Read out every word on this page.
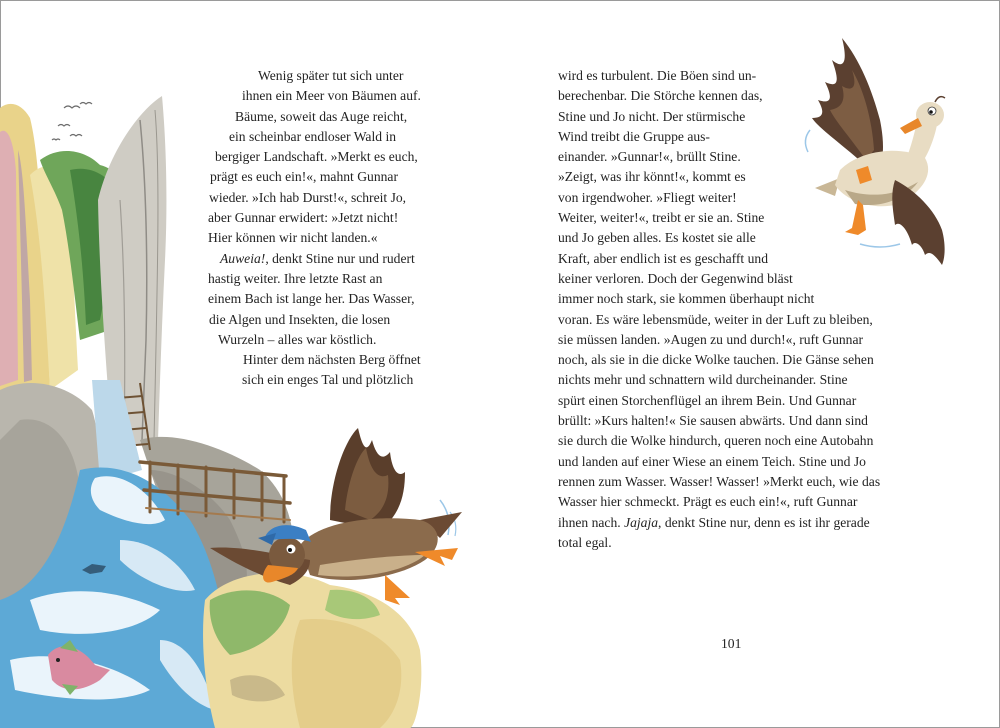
Wenig später tut sich unter
ihnen ein Meer von Bäumen auf.
Bäume, soweit das Auge reicht,
ein scheinbar endloser Wald in
bergiger Landschaft. »Merkt es euch,
prägt es euch ein!«, mahnt Gunnar
wieder. »Ich hab Durst!«, schreit Jo,
aber Gunnar erwidert: »Jetzt nicht!
Hier können wir nicht landen.«
Auweia!, denkt Stine nur und rudert
hastig weiter. Ihre letzte Rast an
einem Bach ist lange her. Das Wasser,
die Algen und Insekten, die losen
Wurzeln – alles war köstlich.
Hinter dem nächsten Berg öffnet
sich ein enges Tal und plötzlich
wird es turbulent. Die Böen sind un-
berechenbar. Die Störche kennen das,
Stine und Jo nicht. Der stürmische
Wind treibt die Gruppe aus-
einander. »Gunnar!«, brüllt Stine.
»Zeigt, was ihr könnt!«, kommt es
von irgendwoher. »Fliegt weiter!
Weiter, weiter!«, treibt er sie an. Stine
und Jo geben alles. Es kostet sie alle
Kraft, aber endlich ist es geschafft und
keiner verloren. Doch der Gegenwind bläst
immer noch stark, sie kommen überhaupt nicht
voran. Es wäre lebensmüde, weiter in der Luft zu bleiben,
sie müssen landen. »Augen zu und durch!«, ruft Gunnar
noch, als sie in die dicke Wolke tauchen. Die Gänse sehen
nichts mehr und schnattern wild durcheinander. Stine
spürt einen Storchenflügel an ihrem Bein. Und Gunnar
brüllt: »Kurs halten!« Sie sausen abwärts. Und dann sind
sie durch die Wolke hindurch, queren noch eine Autobahn
und landen auf einer Wiese an einem Teich. Stine und Jo
rennen zum Wasser. Wasser! Wasser! »Merkt euch, wie das
Wasser hier schmeckt. Prägt es euch ein!«, ruft Gunnar
ihnen nach. Jajaja, denkt Stine nur, denn es ist ihr gerade
total egal.
101
